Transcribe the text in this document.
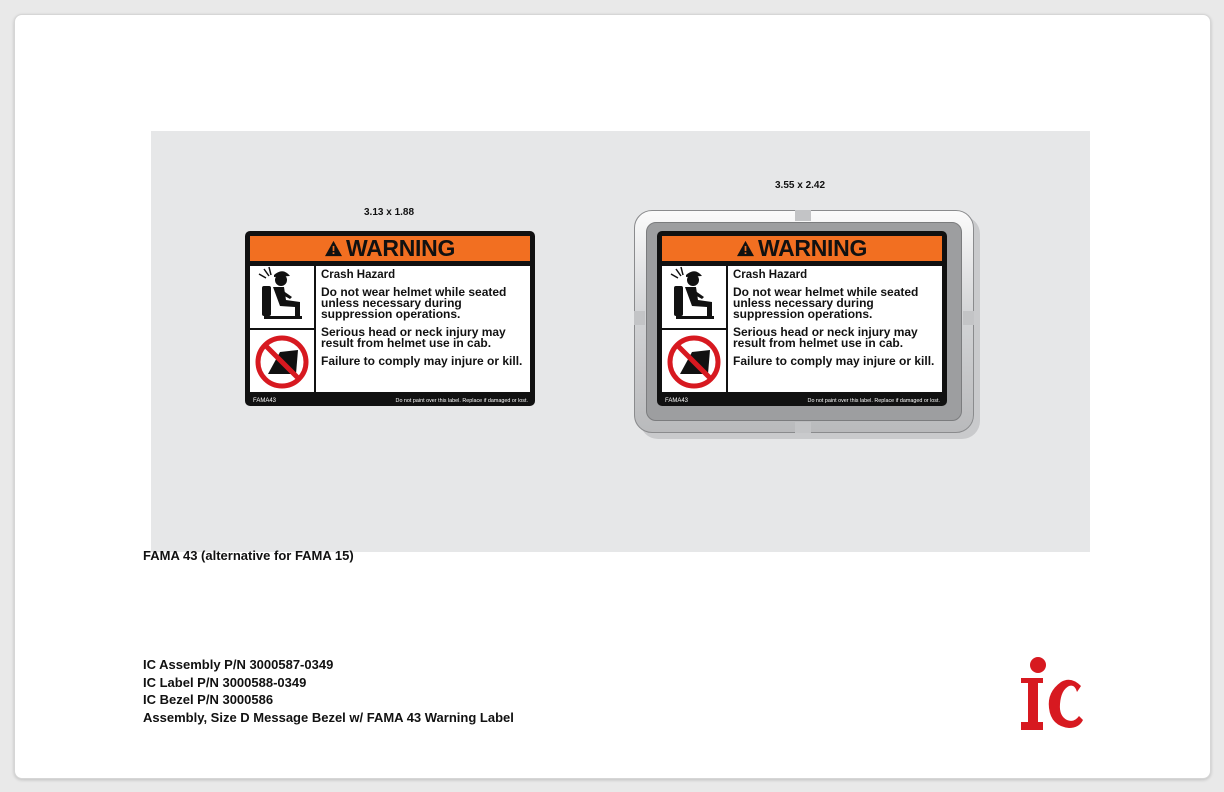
3.13 x 1.88
3.55 x 2.42
WARNING
Crash Hazard
Do not wear helmet while seated unless necessary during suppression operations.
Serious head or neck injury may result from helmet use in cab.
Failure to comply may injure or kill.
FAMA43	Do not paint over this label. Replace if damaged or lost.
WARNING
Crash Hazard
Do not wear helmet while seated unless necessary during suppression operations.
Serious head or neck injury may result from helmet use in cab.
Failure to comply may injure or kill.
FAMA43	Do not paint over this label. Replace if damaged or lost.
FAMA 43 (alternative for FAMA 15)
IC Assembly P/N 3000587-0349
IC Label P/N 3000588-0349
IC Bezel P/N 3000586
Assembly, Size D Message Bezel w/ FAMA 43 Warning Label
